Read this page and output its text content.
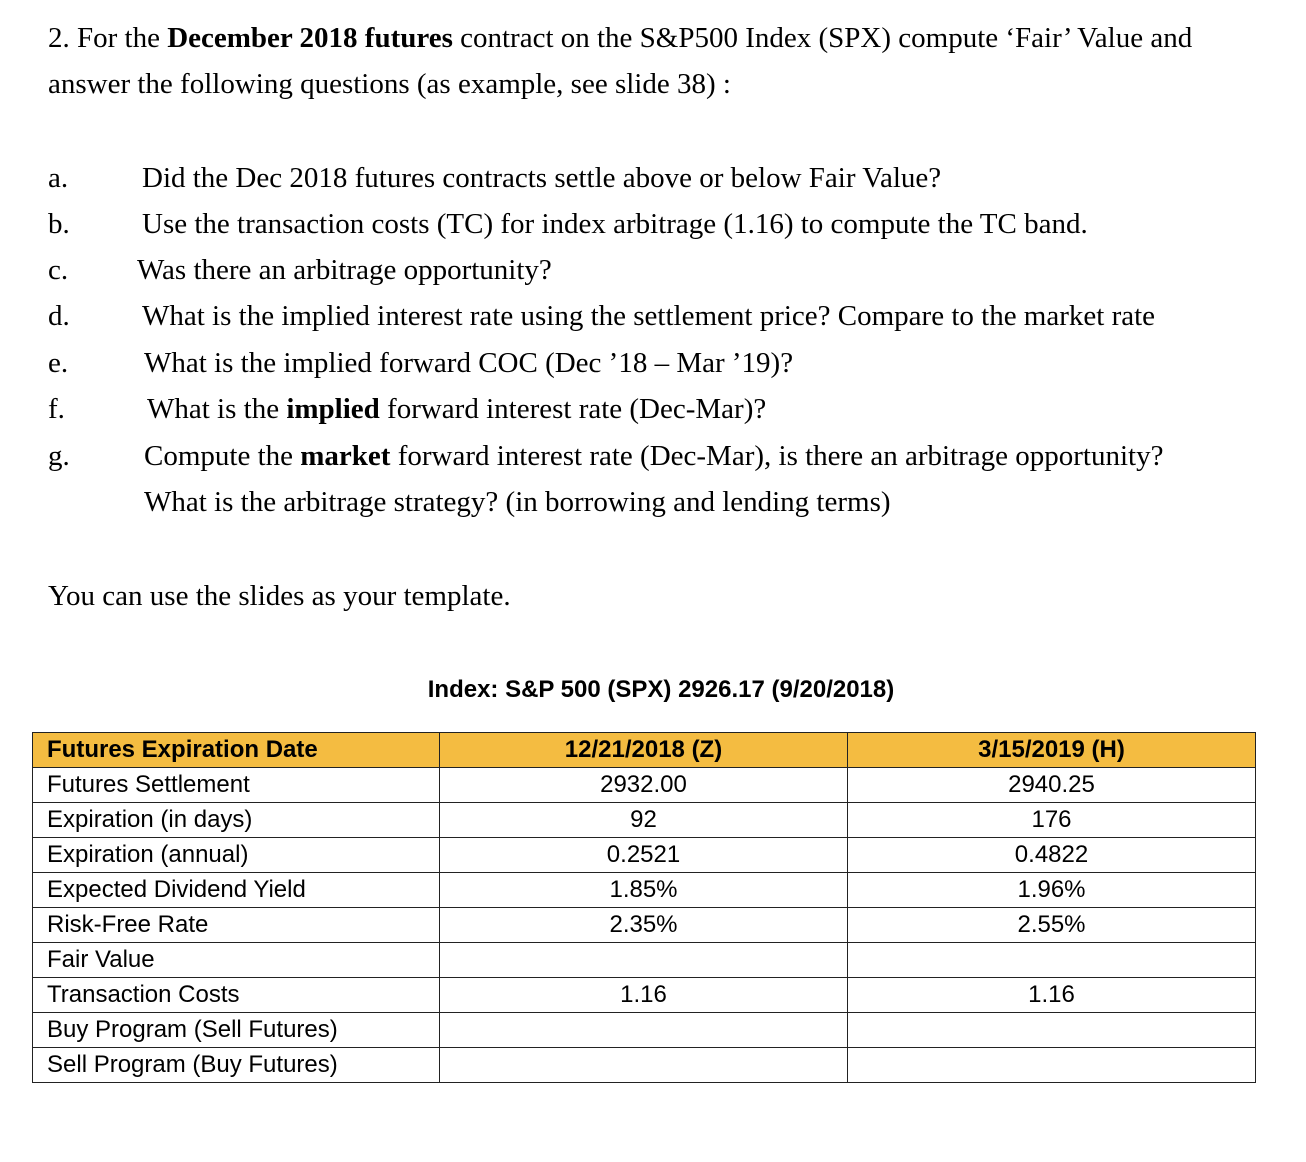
2. For the December 2018 futures contract on the S&P500 Index (SPX) compute ‘Fair’ Value and
answer the following questions (as example, see slide 38) :
a.	Did the Dec 2018 futures contracts settle above or below Fair Value?
b. Use the transaction costs (TC) for index arbitrage (1.16) to compute the TC band.
c. Was there an arbitrage opportunity?
d. What is the implied interest rate using the settlement price? Compare to the market rate
e.	What is the implied forward COC (Dec ’18 – Mar ’19)?
f.	What is the implied forward interest rate (Dec-Mar)?
g.	Compute the market forward interest rate (Dec-Mar), is there an arbitrage opportunity?
What is the arbitrage strategy? (in borrowing and lending terms)
You can use the slides as your template.
Index: S&P 500 (SPX) 2926.17 (9/20/2018)
Futures Expiration Date	12/21/2018 (Z)	3/15/2019 (H)
Futures Settlement	2932.00	2940.25
Expiration (in days)	92	176
Expiration (annual)	0.2521	0.4822
Expected Dividend Yield	1.85%	1.96%
Risk-Free Rate	2.35%	2.55%
Fair Value		
Transaction Costs	1.16	1.16
Buy Program (Sell Futures)		
Sell Program (Buy Futures)		
